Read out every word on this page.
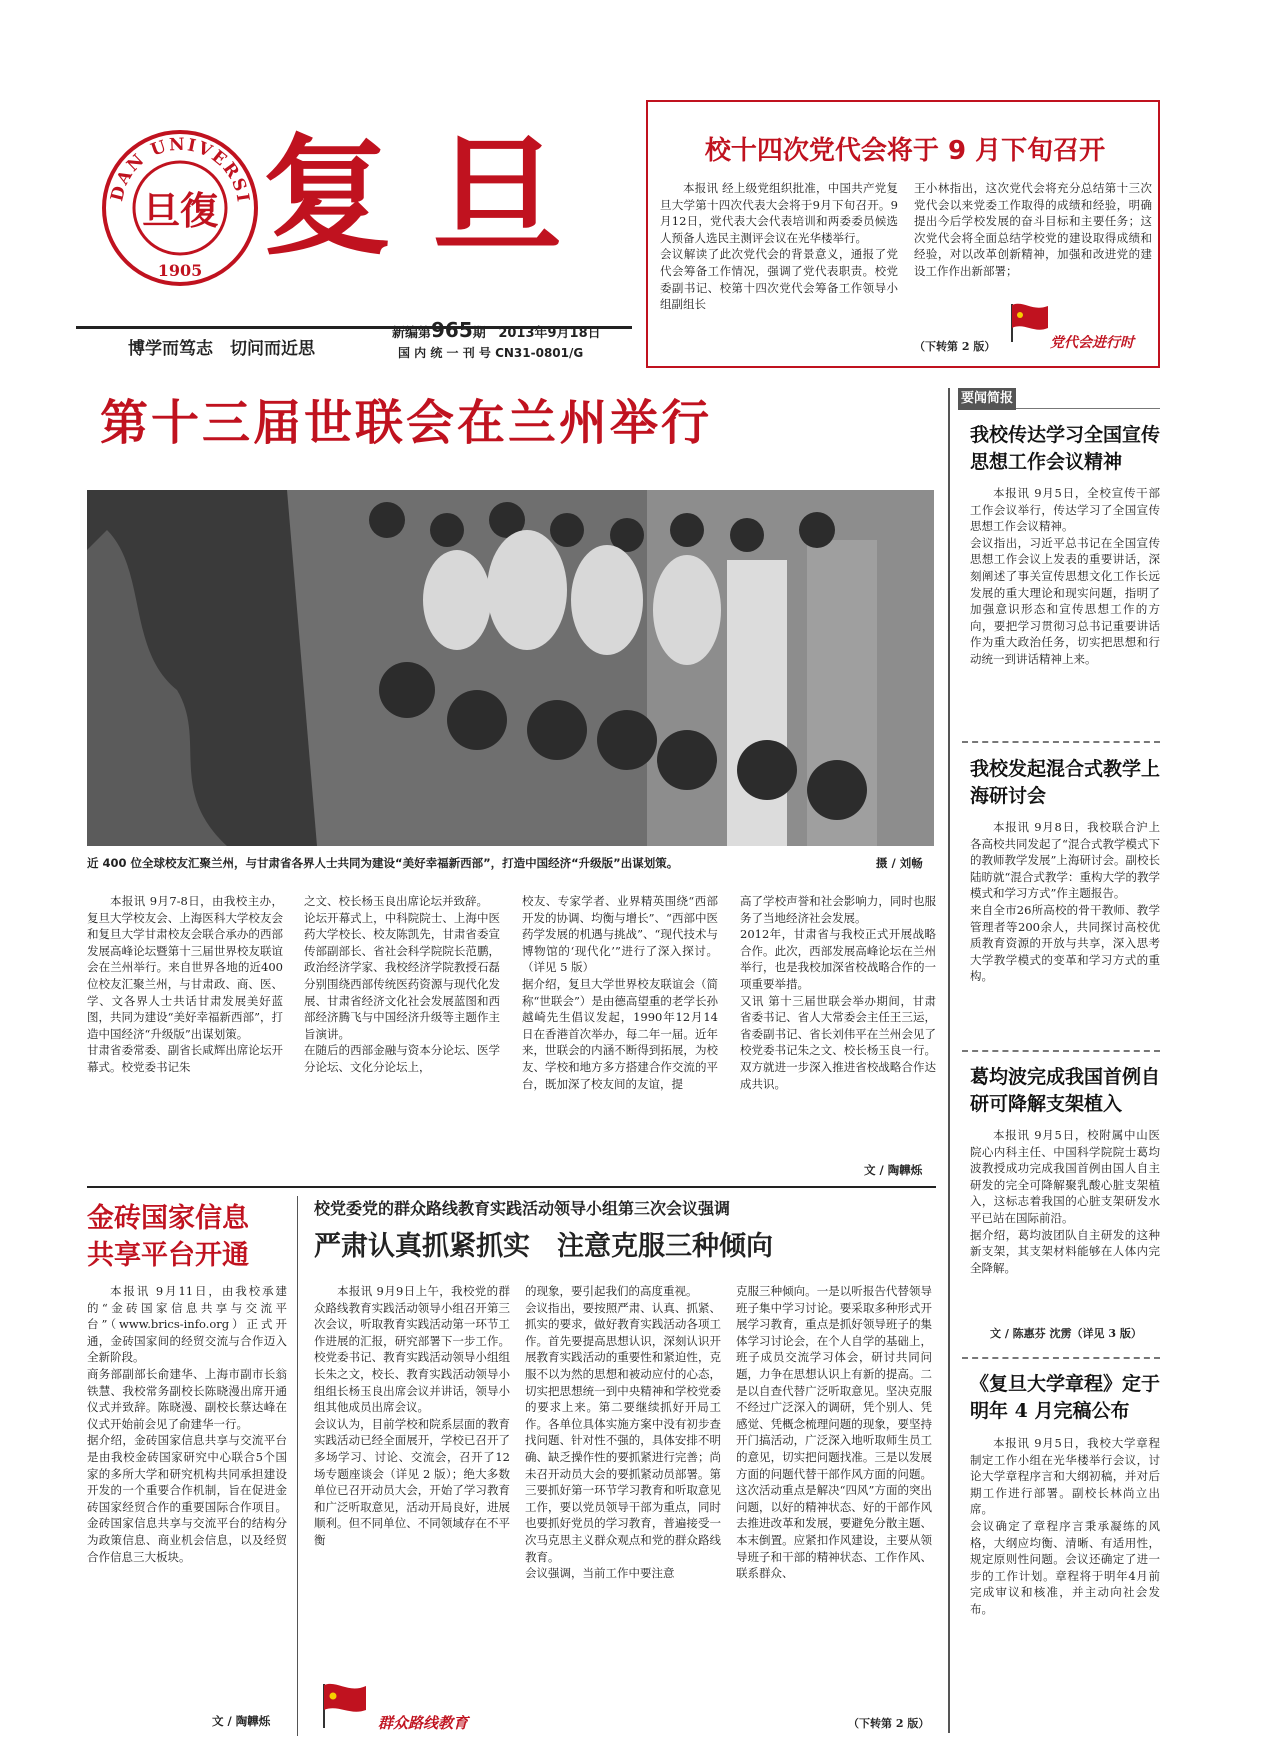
DAN UNIVERSI
旦復
1905 复旦
博学而笃志　切问而近思
新编第965期 2013年9月18日
国 内 统 一 刊 号 CN31-0801/G
校十四次党代会将于 9 月下旬召开
本报讯 经上级党组织批准，中国共产党复旦大学第十四次代表大会将于9月下旬召开。9月12日，党代表大会代表培训和两委委员候选人预备人选民主测评会议在光华楼举行。
会议解读了此次党代会的背景意义，通报了党代会筹备工作情况，强调了党代表职责。校党委副书记、校第十四次党代会筹备工作领导小组副组长
王小林指出，这次党代会将充分总结第十三次党代会以来党委工作取得的成绩和经验，明确提出今后学校发展的奋斗目标和主要任务；这次党代会将全面总结学校党的建设取得成绩和经验，对以改革创新精神，加强和改进党的建设工作作出新部署；
（下转第 2 版）	党代会进行时
第十三届世联会在兰州举行
近 400 位全球校友汇聚兰州，与甘肃省各界人士共同为建设“美好幸福新西部”，打造中国经济“升级版”出谋划策。	摄 / 刘畅
本报讯 9月7-8日，由我校主办，复旦大学校友会、上海医科大学校友会和复旦大学甘肃校友会联合承办的西部发展高峰论坛暨第十三届世界校友联谊会在兰州举行。来自世界各地的近400位校友汇聚兰州，与甘肃政、商、医、学、文各界人士共话甘肃发展美好蓝图，共同为建设“美好幸福新西部”，打造中国经济“升级版”出谋划策。
甘肃省委常委、副省长咸辉出席论坛开幕式。校党委书记朱
之文、校长杨玉良出席论坛并致辞。
论坛开幕式上，中科院院士、上海中医药大学校长、校友陈凯先，甘肃省委宣传部副部长、省社会科学院院长范鹏，政治经济学家、我校经济学院教授石磊分别围绕西部传统医药资源与现代化发展、甘肃省经济文化社会发展蓝图和西部经济腾飞与中国经济升级等主题作主旨演讲。
在随后的西部金融与资本分论坛、医学分论坛、文化分论坛上，
校友、专家学者、业界精英围绕“西部开发的协调、均衡与增长”、“西部中医药学发展的机遇与挑战”、“现代技术与博物馆的‘现代化’”进行了深入探讨。（详见 5 版）
据介绍，复旦大学世界校友联谊会（简称“世联会”）是由德高望重的老学长孙越崎先生倡议发起，1990年12月14日在香港首次举办，每二年一届。近年来，世联会的内涵不断得到拓展，为校友、学校和地方多方搭建合作交流的平台，既加深了校友间的友谊，提
高了学校声誉和社会影响力，同时也服务了当地经济社会发展。
2012年，甘肃省与我校正式开展战略合作。此次，西部发展高峰论坛在兰州举行，也是我校加深省校战略合作的一项重要举措。
又讯 第十三届世联会举办期间，甘肃省委书记、省人大常委会主任王三运，省委副书记、省长刘伟平在兰州会见了校党委书记朱之文、校长杨玉良一行。双方就进一步深入推进省校战略合作达成共识。
文 / 陶韡烁
要闻简报
我校传达学习全国宣传思想工作会议精神
本报讯 9月5日，全校宣传干部工作会议举行，传达学习了全国宣传思想工作会议精神。
会议指出，习近平总书记在全国宣传思想工作会议上发表的重要讲话，深刻阐述了事关宣传思想文化工作长远发展的重大理论和现实问题，指明了加强意识形态和宣传思想工作的方向，要把学习贯彻习总书记重要讲话作为重大政治任务，切实把思想和行动统一到讲话精神上来。
我校发起混合式教学上海研讨会
本报讯 9月8日，我校联合沪上各高校共同发起了“混合式教学模式下的教师教学发展”上海研讨会。副校长陆昉就“混合式教学：重构大学的教学模式和学习方式”作主题报告。
来自全市26所高校的骨干教师、教学管理者等200余人，共同探讨高校优质教育资源的开放与共享，深入思考大学教学模式的变革和学习方式的重构。
葛均波完成我国首例自研可降解支架植入
本报讯 9月5日，校附属中山医院心内科主任、中国科学院院士葛均波教授成功完成我国首例由国人自主研发的完全可降解聚乳酸心脏支架植入，这标志着我国的心脏支架研发水平已站在国际前沿。
据介绍，葛均波团队自主研发的这种新支架，其支架材料能够在人体内完全降解。
文 / 陈惠芬 沈雳（详见 3 版）
《复旦大学章程》定于明年 4 月完稿公布
本报讯 9月5日，我校大学章程制定工作小组在光华楼举行会议，讨论大学章程序言和大纲初稿，并对后期工作进行部署。副校长林尚立出席。
会议确定了章程序言秉承凝练的风格，大纲应均衡、清晰、有适用性，规定原则性问题。会议还确定了进一步的工作计划。章程将于明年4月前完成审议和核准，并主动向社会发布。
金砖国家信息
共享平台开通
本报讯 9月11日，由我校承建的“金砖国家信息共享与交流平台”（www.brics-info.org）正式开通，金砖国家间的经贸交流与合作迈入全新阶段。
商务部副部长俞建华、上海市副市长翁铁慧、我校常务副校长陈晓漫出席开通仪式并致辞。陈晓漫、副校长蔡达峰在仪式开始前会见了俞建华一行。
据介绍，金砖国家信息共享与交流平台是由我校金砖国家研究中心联合5个国家的多所大学和研究机构共同承担建设开发的一个重要合作机制，旨在促进金砖国家经贸合作的重要国际合作项目。金砖国家信息共享与交流平台的结构分为政策信息、商业机会信息，以及经贸合作信息三大板块。
文 / 陶韡烁
校党委党的群众路线教育实践活动领导小组第三次会议强调
严肃认真抓紧抓实　注意克服三种倾向
本报讯 9月9日上午，我校党的群众路线教育实践活动领导小组召开第三次会议，听取教育实践活动第一环节工作进展的汇报，研究部署下一步工作。校党委书记、教育实践活动领导小组组长朱之文，校长、教育实践活动领导小组组长杨玉良出席会议并讲话，领导小组其他成员出席会议。
会议认为，目前学校和院系层面的教育实践活动已经全面展开，学校已召开了多场学习、讨论、交流会，召开了12场专题座谈会（详见 2 版）；绝大多数单位已召开动员大会，开始了学习教育和广泛听取意见，活动开局良好，进展顺利。但不同单位、不同领域存在不平衡
群众路线教育
的现象，要引起我们的高度重视。
会议指出，要按照严肃、认真、抓紧、抓实的要求，做好教育实践活动各项工作。首先要提高思想认识，深刻认识开展教育实践活动的重要性和紧迫性，克服不以为然的思想和被动应付的心态，切实把思想统一到中央精神和学校党委的要求上来。第二要继续抓好开局工作。各单位具体实施方案中没有初步查找问题、针对性不强的，具体安排不明确、缺乏操作性的要抓紧进行完善；尚未召开动员大会的要抓紧动员部署。第三要抓好第一环节学习教育和听取意见工作，要以党员领导干部为重点，同时也要抓好党员的学习教育，普遍接受一次马克思主义群众观点和党的群众路线教育。
会议强调，当前工作中要注意
克服三种倾向。一是以听报告代替领导班子集中学习讨论。要采取多种形式开展学习教育，重点是抓好领导班子的集体学习讨论会，在个人自学的基础上，班子成员交流学习体会，研讨共同问题，力争在思想认识上有新的提高。二是以自查代替广泛听取意见。坚决克服不经过广泛深入的调研，凭个别人、凭感觉、凭概念梳理问题的现象，要坚持开门搞活动，广泛深入地听取师生员工的意见，切实把问题找准。三是以发展方面的问题代替干部作风方面的问题。这次活动重点是解决“四风”方面的突出问题，以好的精神状态、好的干部作风去推进改革和发展，要避免分散主题、本末倒置。应紧扣作风建设，主要从领导班子和干部的精神状态、工作作风、联系群众、
（下转第 2 版）
